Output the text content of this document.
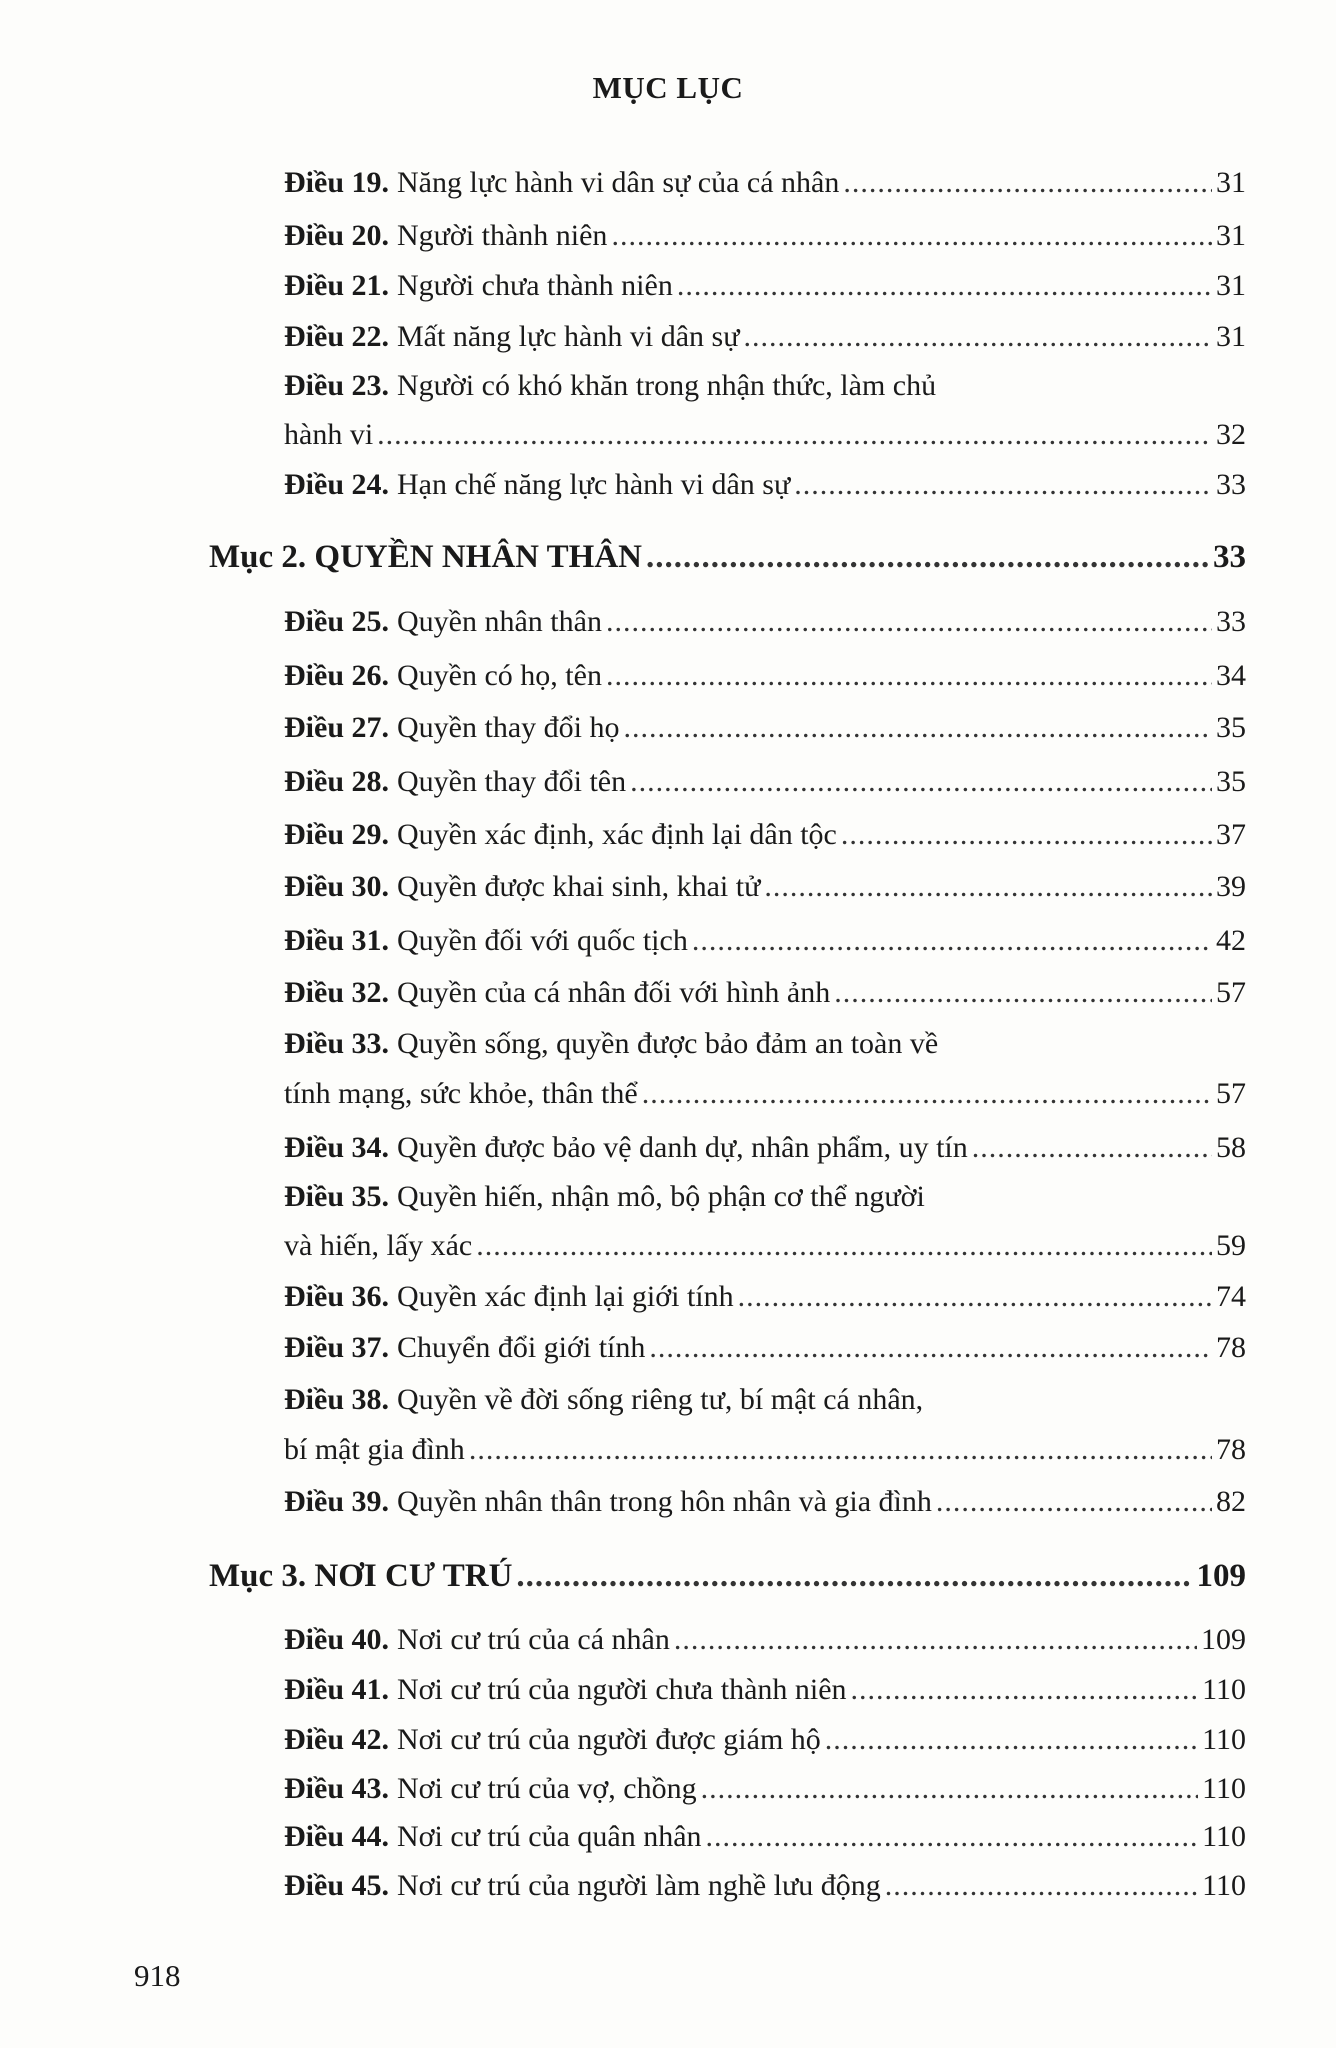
MỤC LỤC
Điều 19. Năng lực hành vi dân sự của cá nhân .....	31
Điều 20. Người thành niên .....	31
Điều 21. Người chưa thành niên .....	31
Điều 22. Mất năng lực hành vi dân sự .....	31
Điều 23. Người có khó khăn trong nhận thức, làm chủ
hành vi .....	32
Điều 24. Hạn chế năng lực hành vi dân sự .....	33
Mục 2. QUYỀN NHÂN THÂN .....	33
Điều 25. Quyền nhân thân .....	33
Điều 26. Quyền có họ, tên .....	34
Điều 27. Quyền thay đổi họ .....	35
Điều 28. Quyền thay đổi tên .....	35
Điều 29. Quyền xác định, xác định lại dân tộc .....	37
Điều 30. Quyền được khai sinh, khai tử .....	39
Điều 31. Quyền đối với quốc tịch .....	42
Điều 32. Quyền của cá nhân đối với hình ảnh .....	57
Điều 33. Quyền sống, quyền được bảo đảm an toàn về
tính mạng, sức khỏe, thân thể .....	57
Điều 34. Quyền được bảo vệ danh dự, nhân phẩm, uy tín .....	58
Điều 35. Quyền hiến, nhận mô, bộ phận cơ thể người
và hiến, lấy xác .....	59
Điều 36. Quyền xác định lại giới tính .....	74
Điều 37. Chuyển đổi giới tính .....	78
Điều 38. Quyền về đời sống riêng tư, bí mật cá nhân,
bí mật gia đình .....	78
Điều 39. Quyền nhân thân trong hôn nhân và gia đình .....	82
Mục 3. NƠI CƯ TRÚ .....	109
Điều 40. Nơi cư trú của cá nhân .....	109
Điều 41. Nơi cư trú của người chưa thành niên .....	110
Điều 42. Nơi cư trú của người được giám hộ .....	110
Điều 43. Nơi cư trú của vợ, chồng .....	110
Điều 44. Nơi cư trú của quân nhân .....	110
Điều 45. Nơi cư trú của người làm nghề lưu động .....	110
918
